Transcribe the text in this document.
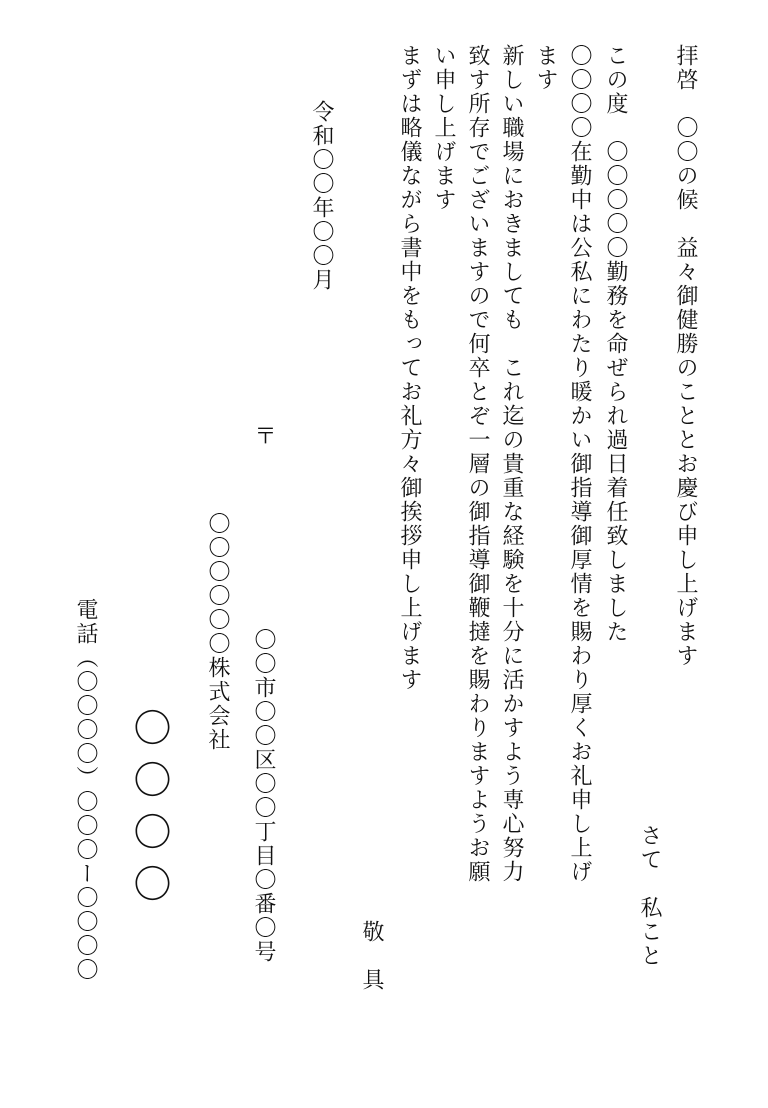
拝啓　〇〇の候　益々御健勝のこととお慶び申し上げます
この度　〇〇〇〇〇勤務を命ぜられ過日着任致しました
さて　私こと
〇〇〇〇在勤中は公私にわたり暖かい御指導御厚情を賜わり厚くお礼申し上げ
ます
新しい職場におきましても　これ迄の貴重な経験を十分に活かすよう専心努力
致す所存でございますので何卒とぞ一層の御指導御鞭撻を賜わりますようお願
い申し上げます
まずは略儀ながら書中をもってお礼方々御挨拶申し上げます
敬　具
令和〇〇年〇〇月
〒
〇〇市〇〇区〇〇丁目〇番〇号
〇〇〇〇〇〇株式会社
〇〇〇〇
電話（〇〇〇〇）〇〇〇ー〇〇〇〇
